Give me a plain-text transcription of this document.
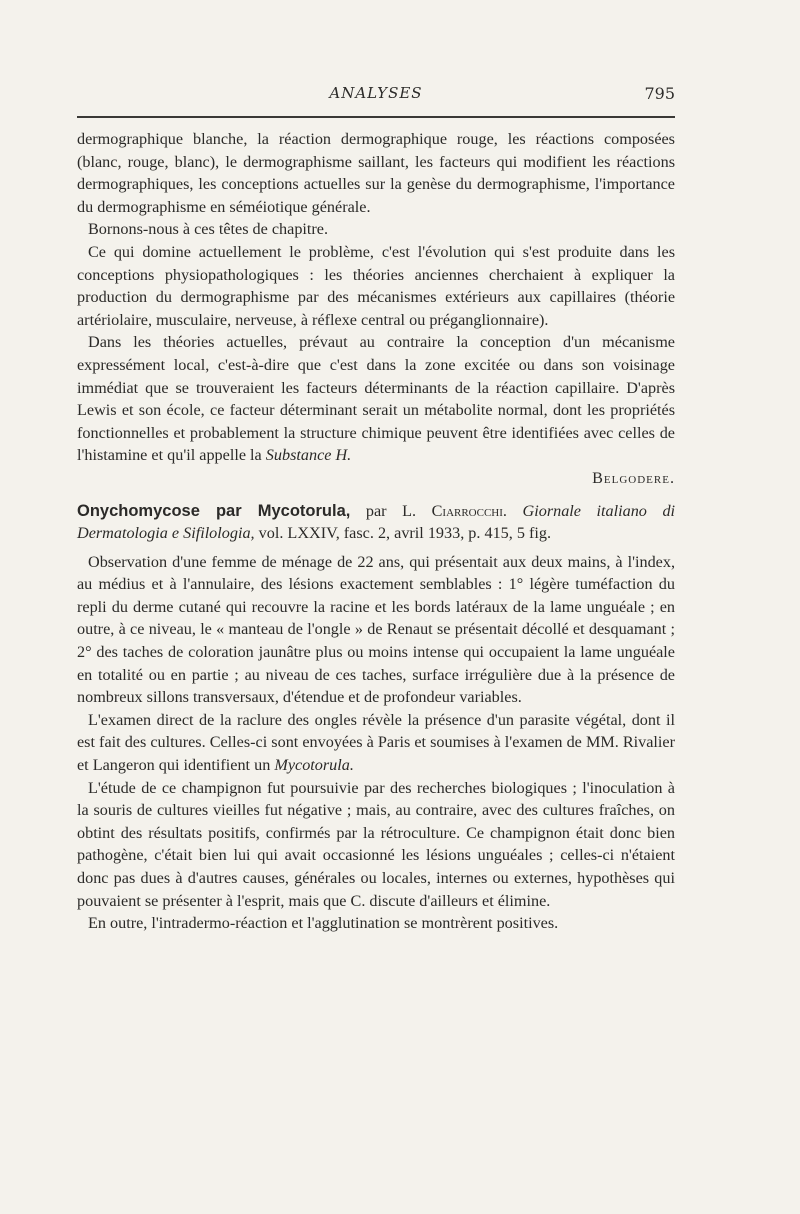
ANALYSES	795

dermographique blanche, la réaction dermographique rouge, les réactions composées (blanc, rouge, blanc), le dermographisme saillant, les facteurs qui modifient les réactions dermographiques, les conceptions actuelles sur la genèse du dermographisme, l'importance du dermographisme en séméiotique générale.

Bornons-nous à ces têtes de chapitre.

Ce qui domine actuellement le problème, c'est l'évolution qui s'est produite dans les conceptions physiopathologiques : les théories anciennes cherchaient à expliquer la production du dermographisme par des mécanismes extérieurs aux capillaires (théorie artériolaire, musculaire, nerveuse, à réflexe central ou préganglionnaire).

Dans les théories actuelles, prévaut au contraire la conception d'un mécanisme expressément local, c'est-à-dire que c'est dans la zone excitée ou dans son voisinage immédiat que se trouveraient les facteurs déterminants de la réaction capillaire. D'après Lewis et son école, ce facteur déterminant serait un métabolite normal, dont les propriétés fonctionnelles et probablement la structure chimique peuvent être identifiées avec celles de l'histamine et qu'il appelle la Substance H.

Belgodere.

Onychomycose par Mycotorula, par L. Ciarrocchi. Giornale italiano di Dermatologia e Sifilologia, vol. LXXIV, fasc. 2, avril 1933, p. 415, 5 fig.

Observation d'une femme de ménage de 22 ans, qui présentait aux deux mains, à l'index, au médius et à l'annulaire, des lésions exactement semblables : 1° légère tuméfaction du repli du derme cutané qui recouvre la racine et les bords latéraux de la lame unguéale ; en outre, à ce niveau, le « manteau de l'ongle » de Renaut se présentait décollé et desquamant ; 2° des taches de coloration jaunâtre plus ou moins intense qui occupaient la lame unguéale en totalité ou en partie ; au niveau de ces taches, surface irrégulière due à la présence de nombreux sillons transversaux, d'étendue et de profondeur variables.

L'examen direct de la raclure des ongles révèle la présence d'un parasite végétal, dont il est fait des cultures. Celles-ci sont envoyées à Paris et soumises à l'examen de MM. Rivalier et Langeron qui identifient un Mycotorula.

L'étude de ce champignon fut poursuivie par des recherches biologiques ; l'inoculation à la souris de cultures vieilles fut négative ; mais, au contraire, avec des cultures fraîches, on obtint des résultats positifs, confirmés par la rétroculture. Ce champignon était donc bien pathogène, c'était bien lui qui avait occasionné les lésions unguéales ; celles-ci n'étaient donc pas dues à d'autres causes, générales ou locales, internes ou externes, hypothèses qui pouvaient se présenter à l'esprit, mais que C. discute d'ailleurs et élimine.

En outre, l'intradermo-réaction et l'agglutination se montrèrent positives.
